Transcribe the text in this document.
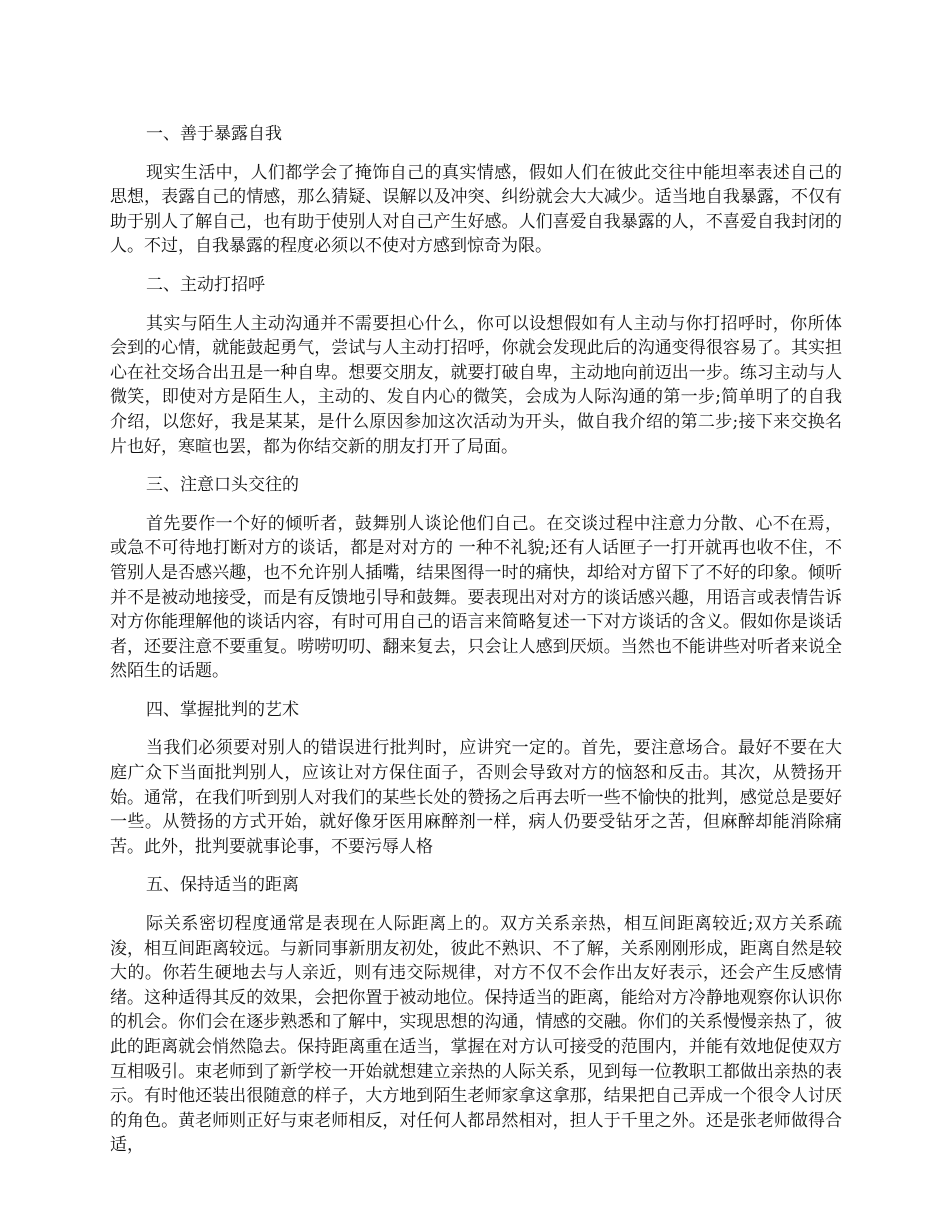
一、善于暴露自我

现实生活中，人们都学会了掩饰自己的真实情感，假如人们在彼此交往中能坦率表述自己的思想，表露自己的情感，那么猜疑、误解以及冲突、纠纷就会大大减少。适当地自我暴露，不仅有助于别人了解自己，也有助于使别人对自己产生好感。人们喜爱自我暴露的人，不喜爱自我封闭的人。不过，自我暴露的程度必须以不使对方感到惊奇为限。

二、主动打招呼

其实与陌生人主动沟通并不需要担心什么，你可以设想假如有人主动与你打招呼时，你所体会到的心情，就能鼓起勇气，尝试与人主动打招呼，你就会发现此后的沟通变得很容易了。其实担心在社交场合出丑是一种自卑。想要交朋友，就要打破自卑，主动地向前迈出一步。练习主动与人微笑，即使对方是陌生人，主动的、发自内心的微笑，会成为人际沟通的第一步;简单明了的自我介绍，以您好，我是某某，是什么原因参加这次活动为开头，做自我介绍的第二步;接下来交换名片也好，寒暄也罢，都为你结交新的朋友打开了局面。

三、注意口头交往的

首先要作一个好的倾听者，鼓舞别人谈论他们自己。在交谈过程中注意力分散、心不在焉，或急不可待地打断对方的谈话，都是对对方的 一种不礼貌;还有人话匣子一打开就再也收不住，不管别人是否感兴趣，也不允许别人插嘴，结果图得一时的痛快，却给对方留下了不好的印象。倾听并不是被动地接受，而是有反馈地引导和鼓舞。要表现出对对方的谈话感兴趣，用语言或表情告诉对方你能理解他的谈话内容，有时可用自己的语言来简略复述一下对方谈话的含义。假如你是谈话者，还要注意不要重复。唠唠叨叨、翻来复去，只会让人感到厌烦。当然也不能讲些对听者来说全然陌生的话题。

四、掌握批判的艺术

当我们必须要对别人的错误进行批判时，应讲究一定的。首先，要注意场合。最好不要在大庭广众下当面批判别人，应该让对方保住面子，否则会导致对方的恼怒和反击。其次，从赞扬开始。通常，在我们听到别人对我们的某些长处的赞扬之后再去听一些不愉快的批判，感觉总是要好一些。从赞扬的方式开始，就好像牙医用麻醉剂一样，病人仍要受钻牙之苦，但麻醉却能消除痛苦。此外，批判要就事论事，不要污辱人格

五、保持适当的距离

际关系密切程度通常是表现在人际距离上的。双方关系亲热，相互间距离较近;双方关系疏浚，相互间距离较远。与新同事新朋友初处，彼此不熟识、不了解，关系刚刚形成，距离自然是较大的。你若生硬地去与人亲近，则有违交际规律，对方不仅不会作出友好表示，还会产生反感情绪。这种适得其反的效果，会把你置于被动地位。保持适当的距离，能给对方冷静地观察你认识你的机会。你们会在逐步熟悉和了解中，实现思想的沟通，情感的交融。你们的关系慢慢亲热了，彼此的距离就会悄然隐去。保持距离重在适当，掌握在对方认可接受的范围内，并能有效地促使双方互相吸引。束老师到了新学校一开始就想建立亲热的人际关系，见到每一位教职工都做出亲热的表示。有时他还装出很随意的样子，大方地到陌生老师家拿这拿那，结果把自己弄成一个很令人讨厌的角色。黄老师则正好与束老师相反，对任何人都昂然相对，担人于千里之外。还是张老师做得合适，
